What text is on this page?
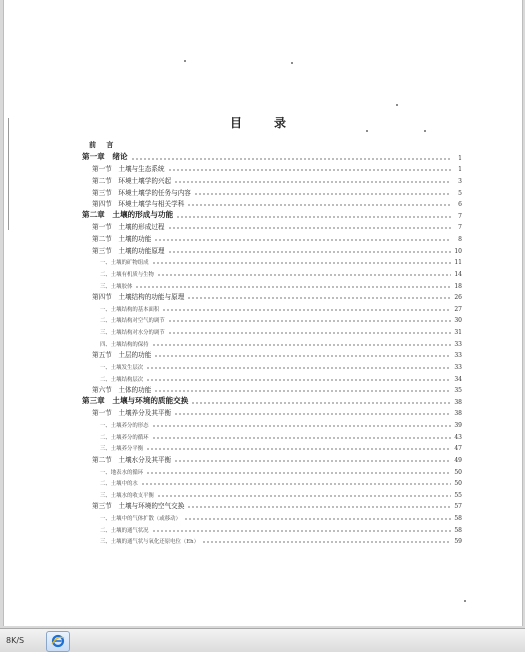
目　录
前 言
第一章　绪论	1
第一节　土壤与生态系统	1
第二节　环境土壤学的兴起	3
第三节　环境土壤学的任务与内容	5
第四节　环境土壤学与相关学科	6
第二章　土壤的形成与功能	7
第一节　土壤的形成过程	7
第二节　土壤的功能	8
第三节　土壤的功能原理	10
一、土壤的矿物组成	11
二、土壤有机质与生物	14
三、土壤胶体	18
第四节　土壤结构的功能与原理	26
一、土壤结构的基本面积	27
二、土壤结构对空气的调节	30
三、土壤结构对水分的调节	31
四、土壤结构的保持	33
第五节　土层的功能	33
一、土壤发生层次	33
二、土壤结构层次	34
第六节　土体的功能	35
第三章　土壤与环境的质能交换	38
第一节　土壤养分及其平衡	38
一、土壤养分的形态	39
二、土壤养分的循环	43
三、土壤养分平衡	47
第二节　土壤水分及其平衡	49
一、地表水的循环	50
二、土壤中的水	50
三、土壤水的收支平衡	55
第三节　土壤与环境的空气交换	57
一、土壤中的气体扩散（或移动）	58
二、土壤的通气状况	58
三、土壤的通气状与氧化还原电位（Eh）	59
8K/S
